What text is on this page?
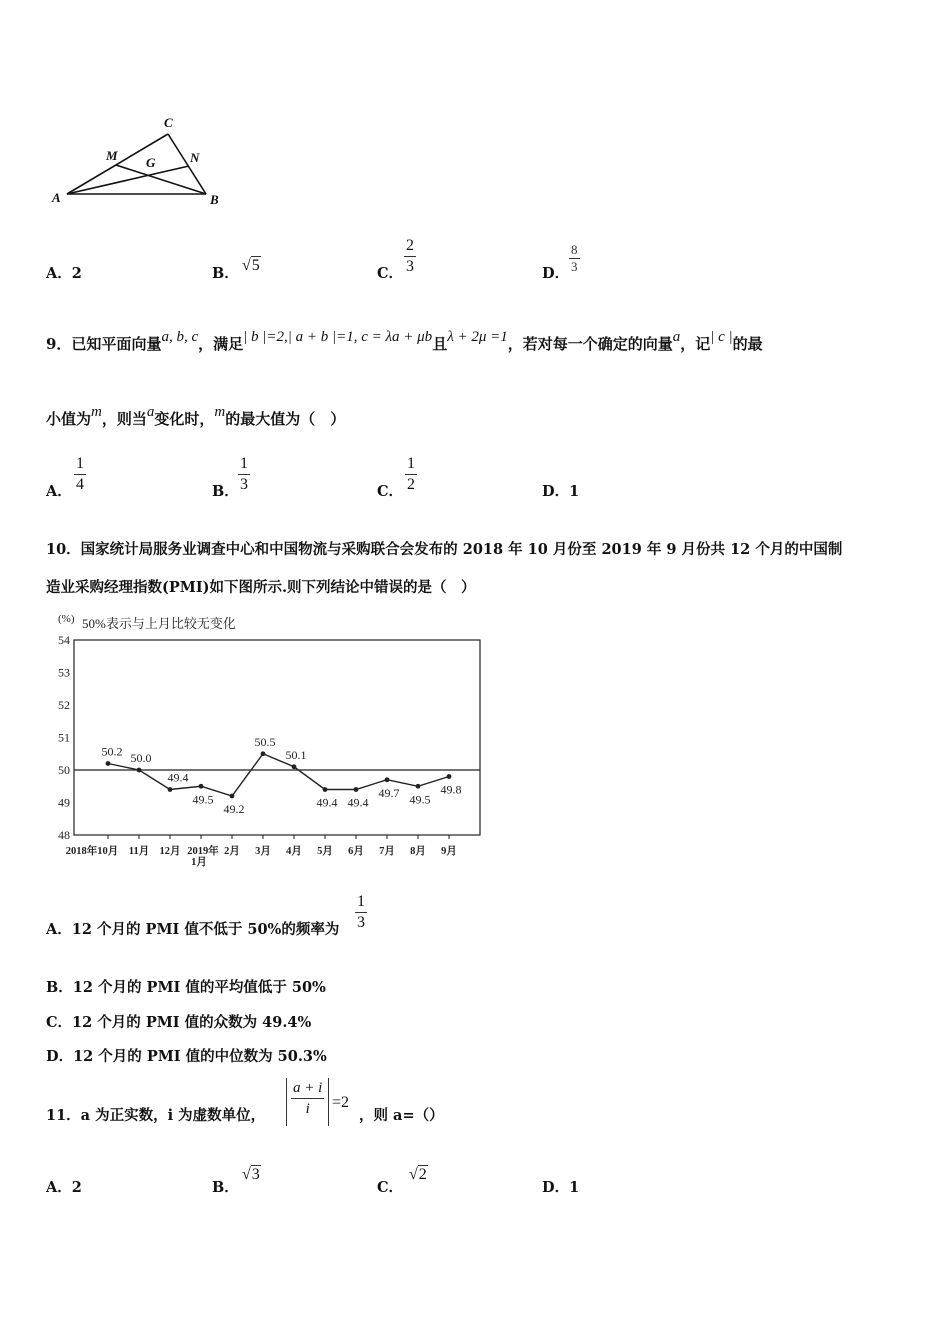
C
M G	N
A	B
A．2	B． √5	C． $\frac{2}{3}$	D． $\frac{8}{3}$
9．已知平面向量a, b, c，满足| b |=2,| a + b |=1, c = λa + μb且λ + 2μ =1，若对每一个确定的向量a，记| c |的最
小值为m，则当a变化时，m的最大值为（　）
A． $\frac{1}{4}$	B． $\frac{1}{3}$	C． $\frac{1}{2}$	D．1
10．国家统计局服务业调查中心和中国物流与采购联合会发布的 2018 年 10 月份至 2019 年 9 月份共 12 个月的中国制
造业采购经理指数(PMI)如下图所示.则下列结论中错误的是（　）
(%) 50%表示与上月比较无变化
54
53
52
51
50
49
48
50.2 50.0
49.4
49.5
49.2
50.5
50.1
49.4 49.4
49.7 49.5
49.8
2018年10月 11月 12月 2019年
1月
2月 3月 4月 5月 6月 7月 8月 9月
A．12 个月的 PMI 值不低于 50%的频率为 $\frac{1}{3}$
B．12 个月的 PMI 值的平均值低于 50%
C．12 个月的 PMI 值的众数为 49.4%
D．12 个月的 PMI 值的中位数为 50.3%
11．a 为正实数，i 为虚数单位，
a + i
i	=2
，则 a=（）
A．2	B．
√3
C．
√2
D．1
